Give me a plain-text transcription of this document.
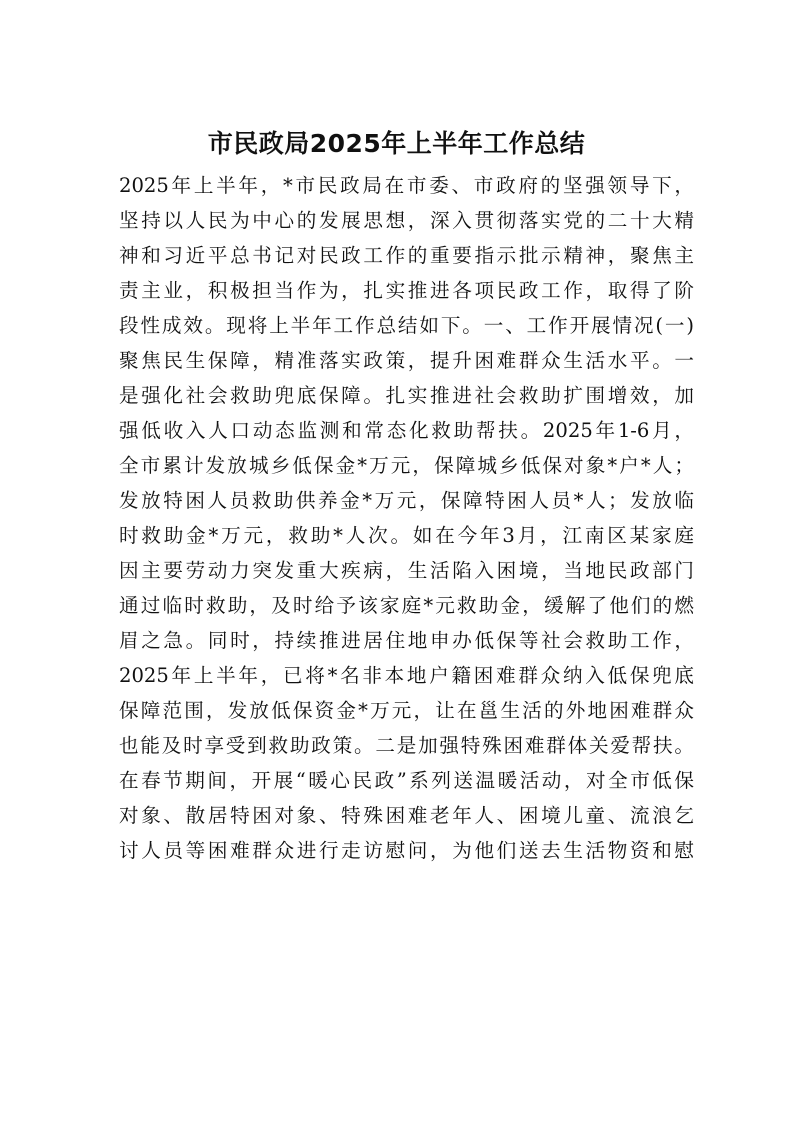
市民政局2025年上半年工作总结
2025年上半年，*市民政局在市委、市政府的坚强领导下，
坚持以人民为中心的发展思想，深入贯彻落实党的二十大精
神和习近平总书记对民政工作的重要指示批示精神，聚焦主
责主业，积极担当作为，扎实推进各项民政工作，取得了阶
段性成效。现将上半年工作总结如下。一、工作开展情况(一)
聚焦民生保障，精准落实政策，提升困难群众生活水平。一
是强化社会救助兜底保障。扎实推进社会救助扩围增效，加
强低收入人口动态监测和常态化救助帮扶。2025年1-6月，
全市累计发放城乡低保金*万元，保障城乡低保对象*户*人；
发放特困人员救助供养金*万元，保障特困人员*人；发放临
时救助金*万元，救助*人次。如在今年3月，江南区某家庭
因主要劳动力突发重大疾病，生活陷入困境，当地民政部门
通过临时救助，及时给予该家庭*元救助金，缓解了他们的燃
眉之急。同时，持续推进居住地申办低保等社会救助工作，
2025年上半年，已将*名非本地户籍困难群众纳入低保兜底
保障范围，发放低保资金*万元，让在邕生活的外地困难群众
也能及时享受到救助政策。二是加强特殊困难群体关爱帮扶。
在春节期间，开展“暖心民政”系列送温暖活动，对全市低保
对象、散居特困对象、特殊困难老年人、困境儿童、流浪乞
讨人员等困难群众进行走访慰问，为他们送去生活物资和慰
